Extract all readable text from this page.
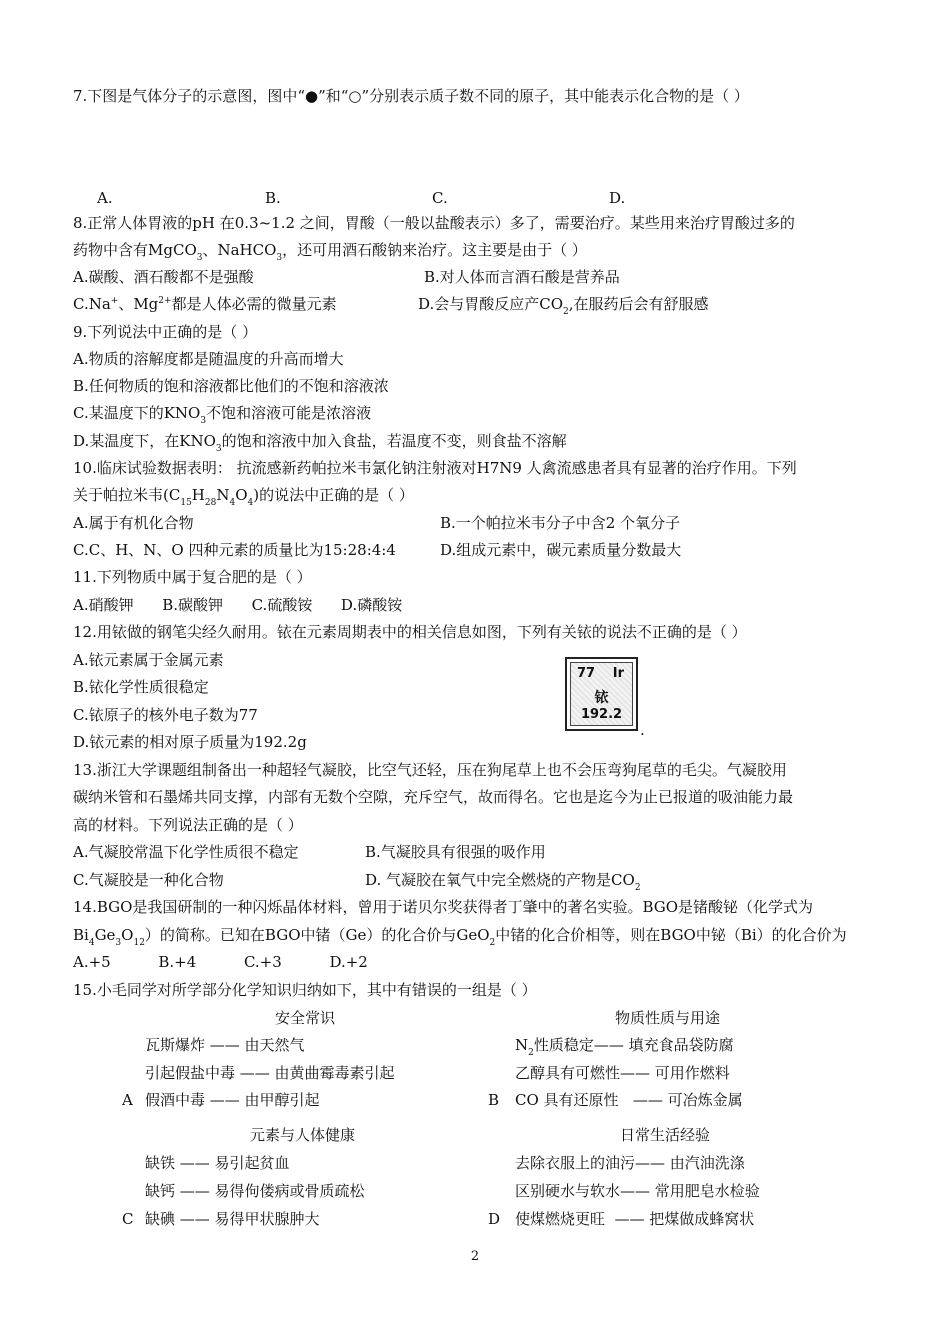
7.下图是气体分子的示意图，图中“●”和“○”分别表示质子数不同的原子，其中能表示化合物的是（ ）
A.	B.	C.	D.
8.正常人体胃液的pH 在0.3~1.2 之间，胃酸（一般以盐酸表示）多了，需要治疗。某些用来治疗胃酸过多的
药物中含有MgCO$_3$、NaHCO$_3$，还可用酒石酸钠来治疗。这主要是由于（ ）
A.碳酸、酒石酸都不是强酸	B.对人体而言酒石酸是营养品
C.Na+、$Mg^{2+}$都是人体必需的微量元素	D.会与胃酸反应产$CO_2$,在服药后会有舒服感
9.下列说法中正确的是（ ）
A.物质的溶解度都是随温度的升高而增大
B.任何物质的饱和溶液都比他们的不饱和溶液浓
C.某温度下的$KNO_3$不饱和溶液可能是浓溶液
D.某温度下，在$KNO_3$的饱和溶液中加入食盐，若温度不变，则食盐不溶解
10.临床试验数据表明： 抗流感新药帕拉米韦氯化钠注射液对H7N9 人禽流感患者具有显著的治疗作用。下列
关于帕拉米韦$(C_{15}H_{28}N_4O_4)$的说法中正确的是（ ）
A.属于有机化合物	B.一个帕拉米韦分子中含2 个氧分子
C.C、H、N、O 四种元素的质量比为15:28:4:4	D.组成元素中，碳元素质量分数最大
11.下列物质中属于复合肥的是（ ）
A.硝酸钾      B.碳酸钾      C.硫酸铵      D.磷酸铵
12.用铱做的钢笔尖经久耐用。铱在元素周期表中的相关信息如图，下列有关铱的说法不正确的是（ ）
A.铱元素属于金属元素
B.铱化学性质很稳定
C.铱原子的核外电子数为77
D.铱元素的相对原子质量为192.2g
77 Ir
铱
192.2
.
13.浙江大学课题组制备出一种超轻气凝胶，比空气还轻，压在狗尾草上也不会压弯狗尾草的毛尖。气凝胶用
碳纳米管和石墨烯共同支撑，内部有无数个空隙，充斥空气，故而得名。它也是迄今为止已报道的吸油能力最
高的材料。下列说法正确的是（ ）
A.气凝胶常温下化学性质很不稳定	B.气凝胶具有很强的吸作用
C.气凝胶是一种化合物	D. 气凝胶在氧气中完全燃烧的产物是$CO_2$
14.BGO是我国研制的一种闪烁晶体材料，曾用于诺贝尔奖获得者丁肇中的著名实验。BGO是锗酸铋（化学式为
$Bi_4Ge_3O_{12}$）的简称。已知在BGO中锗（Ge）的化合价与GeO$_2$中锗的化合价相等，则在BGO中铋（Bi）的化合价为
A.+5          B.+4          C.+3          D.+2
15.小毛同学对所学部分化学知识归纳如下，其中有错误的一组是（ ）
安全常识
瓦斯爆炸 —— 由天然气
引起假盐中毒 —— 由黄曲霉毒素引起
A 假酒中毒 —— 由甲醇引起
物质性质与用途
$N_2$性质稳定—— 填充食品袋防腐
乙醇具有可燃性—— 可用作燃料
B CO 具有还原性   —— 可冶炼金属
元素与人体健康
缺铁 —— 易引起贫血
缺钙 —— 易得佝偻病或骨质疏松
C 缺碘 —— 易得甲状腺肿大
日常生活经验
去除衣服上的油污—— 由汽油洗涤
区别硬水与软水—— 常用肥皂水检验
D 使煤燃烧更旺  —— 把煤做成蜂窝状
2
